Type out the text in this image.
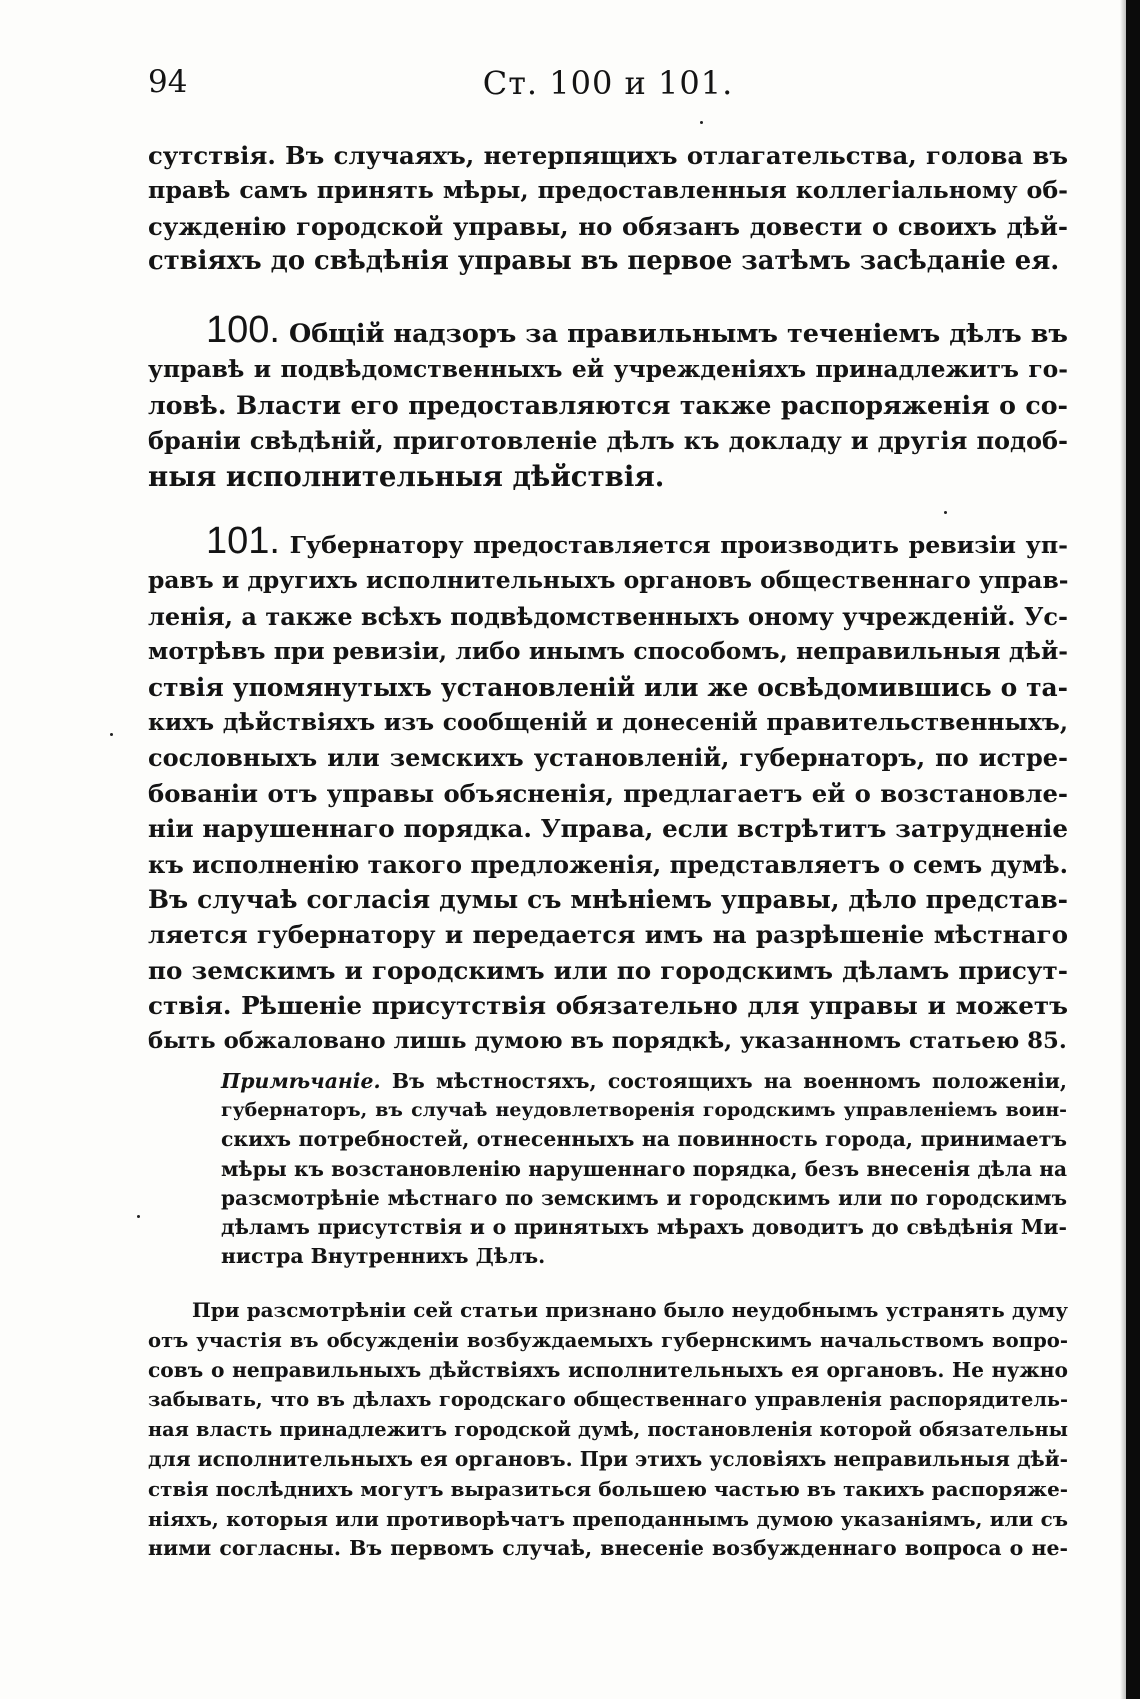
94	Ст. 100 и 101.
сутствія. Въ случаяхъ, нетерпящихъ отлагательства, голова въ
правѣ самъ принять мѣры, предоставленныя коллегіальному об-
сужденію городской управы, но обязанъ довести о своихъ дѣй-
ствіяхъ до свѣдѣнія управы въ первое затѣмъ засѣданіе ея.
100. Общій надзоръ за правильнымъ теченіемъ дѣлъ въ
управѣ и подвѣдомственныхъ ей учрежденіяхъ принадлежитъ го-
ловѣ. Власти его предоставляются также распоряженія о со-
браніи свѣдѣній, приготовленіе дѣлъ къ докладу и другія подоб-
ныя исполнительныя дѣйствія.
101. Губернатору предоставляется производить ревизіи уп-
равъ и другихъ исполнительныхъ органовъ общественнаго управ-
ленія, а также всѣхъ подвѣдомственныхъ оному учрежденій. Ус-
мотрѣвъ при ревизіи, либо инымъ способомъ, неправильныя дѣй-
ствія упомянутыхъ установленій или же освѣдомившись о та-
кихъ дѣйствіяхъ изъ сообщеній и донесеній правительственныхъ,
сословныхъ или земскихъ установленій, губернаторъ, по истре-
бованіи отъ управы объясненія, предлагаетъ ей о возстановле-
ніи нарушеннаго порядка. Управа, если встрѣтитъ затрудненіе
къ исполненію такого предложенія, представляетъ о семъ думѣ.
Въ случаѣ согласія думы съ мнѣніемъ управы, дѣло представ-
ляется губернатору и передается имъ на разрѣшеніе мѣстнаго
по земскимъ и городскимъ или по городскимъ дѣламъ присут-
ствія. Рѣшеніе присутствія обязательно для управы и можетъ
быть обжаловано лишь думою въ порядкѣ, указанномъ статьею 85.
Примѣчаніе. Въ мѣстностяхъ, состоящихъ на военномъ положеніи,
губернаторъ, въ случаѣ неудовлетворенія городскимъ управленіемъ воин-
скихъ потребностей, отнесенныхъ на повинность города, принимаетъ
мѣры къ возстановленію нарушеннаго порядка, безъ внесенія дѣла на
разсмотрѣніе мѣстнаго по земскимъ и городскимъ или по городскимъ
дѣламъ присутствія и о принятыхъ мѣрахъ доводитъ до свѣдѣнія Ми-
нистра Внутреннихъ Дѣлъ.
При разсмотрѣніи сей статьи признано было неудобнымъ устранять думу
отъ участія въ обсужденіи возбуждаемыхъ губернскимъ начальствомъ вопро-
совъ о неправильныхъ дѣйствіяхъ исполнительныхъ ея органовъ. Не нужно
забывать, что въ дѣлахъ городскаго общественнаго управленія распорядитель-
ная власть принадлежитъ городской думѣ, постановленія которой обязательны
для исполнительныхъ ея органовъ. При этихъ условіяхъ неправильныя дѣй-
ствія послѣднихъ могутъ выразиться большею частью въ такихъ распоряже-
ніяхъ, которыя или противорѣчатъ преподаннымъ думою указаніямъ, или съ
ними согласны. Въ первомъ случаѣ, внесеніе возбужденнаго вопроса о не-
